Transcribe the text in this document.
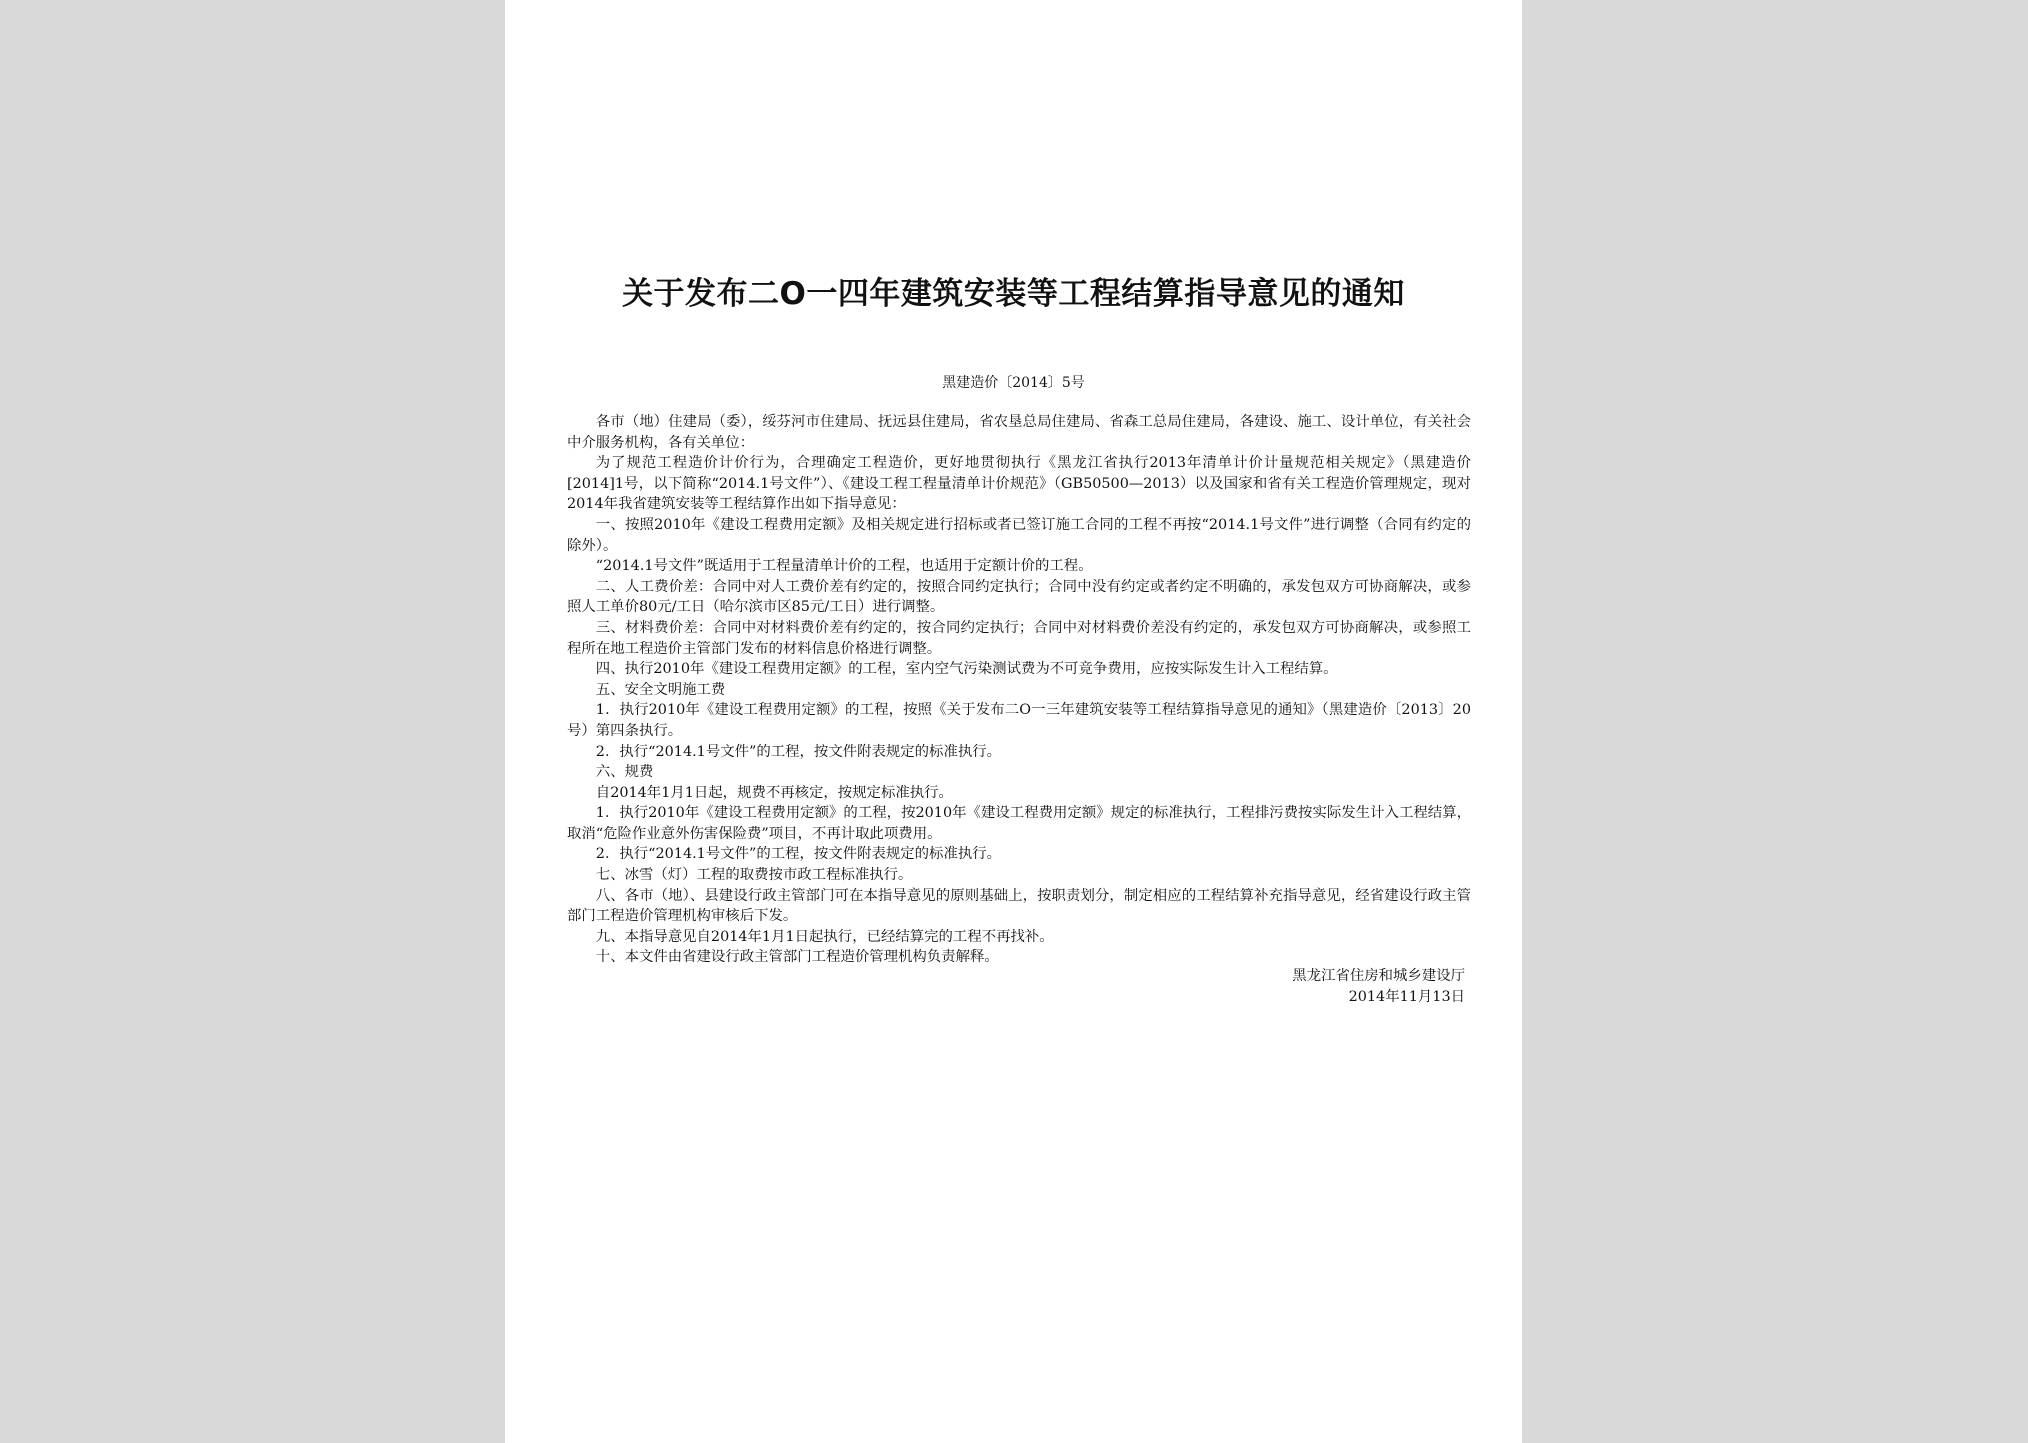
关于发布二O一四年建筑安装等工程结算指导意见的通知
黑建造价〔2014〕5号

各市（地）住建局（委），绥芬河市住建局、抚远县住建局，省农垦总局住建局、省森工总局住建局，各建设、施工、设计单位，有关社会中介服务机构，各有关单位：

为了规范工程造价计价行为，合理确定工程造价，更好地贯彻执行《黑龙江省执行2013年清单计价计量规范相关规定》（黑建造价[2014]1号，以下简称“2014.1号文件”）、《建设工程工程量清单计价规范》（GB50500—2013）以及国家和省有关工程造价管理规定，现对2014年我省建筑安装等工程结算作出如下指导意见：

一、按照2010年《建设工程费用定额》及相关规定进行招标或者已签订施工合同的工程不再按“2014.1号文件”进行调整（合同有约定的除外）。

“2014.1号文件”既适用于工程量清单计价的工程，也适用于定额计价的工程。

二、人工费价差：合同中对人工费价差有约定的，按照合同约定执行；合同中没有约定或者约定不明确的，承发包双方可协商解决，或参照人工单价80元/工日（哈尔滨市区85元/工日）进行调整。

三、材料费价差：合同中对材料费价差有约定的，按合同约定执行；合同中对材料费价差没有约定的，承发包双方可协商解决，或参照工程所在地工程造价主管部门发布的材料信息价格进行调整。

四、执行2010年《建设工程费用定额》的工程，室内空气污染测试费为不可竞争费用，应按实际发生计入工程结算。

五、安全文明施工费

1．执行2010年《建设工程费用定额》的工程，按照《关于发布二O一三年建筑安装等工程结算指导意见的通知》（黑建造价〔2013〕20号）第四条执行。

2．执行“2014.1号文件”的工程，按文件附表规定的标准执行。

六、规费

自2014年1月1日起，规费不再核定，按规定标准执行。

1．执行2010年《建设工程费用定额》的工程，按2010年《建设工程费用定额》规定的标准执行，工程排污费按实际发生计入工程结算，取消“危险作业意外伤害保险费”项目，不再计取此项费用。

2．执行“2014.1号文件”的工程，按文件附表规定的标准执行。

七、冰雪（灯）工程的取费按市政工程标准执行。

八、各市（地）、县建设行政主管部门可在本指导意见的原则基础上，按职责划分，制定相应的工程结算补充指导意见，经省建设行政主管部门工程造价管理机构审核后下发。

九、本指导意见自2014年1月1日起执行，已经结算完的工程不再找补。

十、本文件由省建设行政主管部门工程造价管理机构负责解释。

黑龙江省住房和城乡建设厅
2014年11月13日
